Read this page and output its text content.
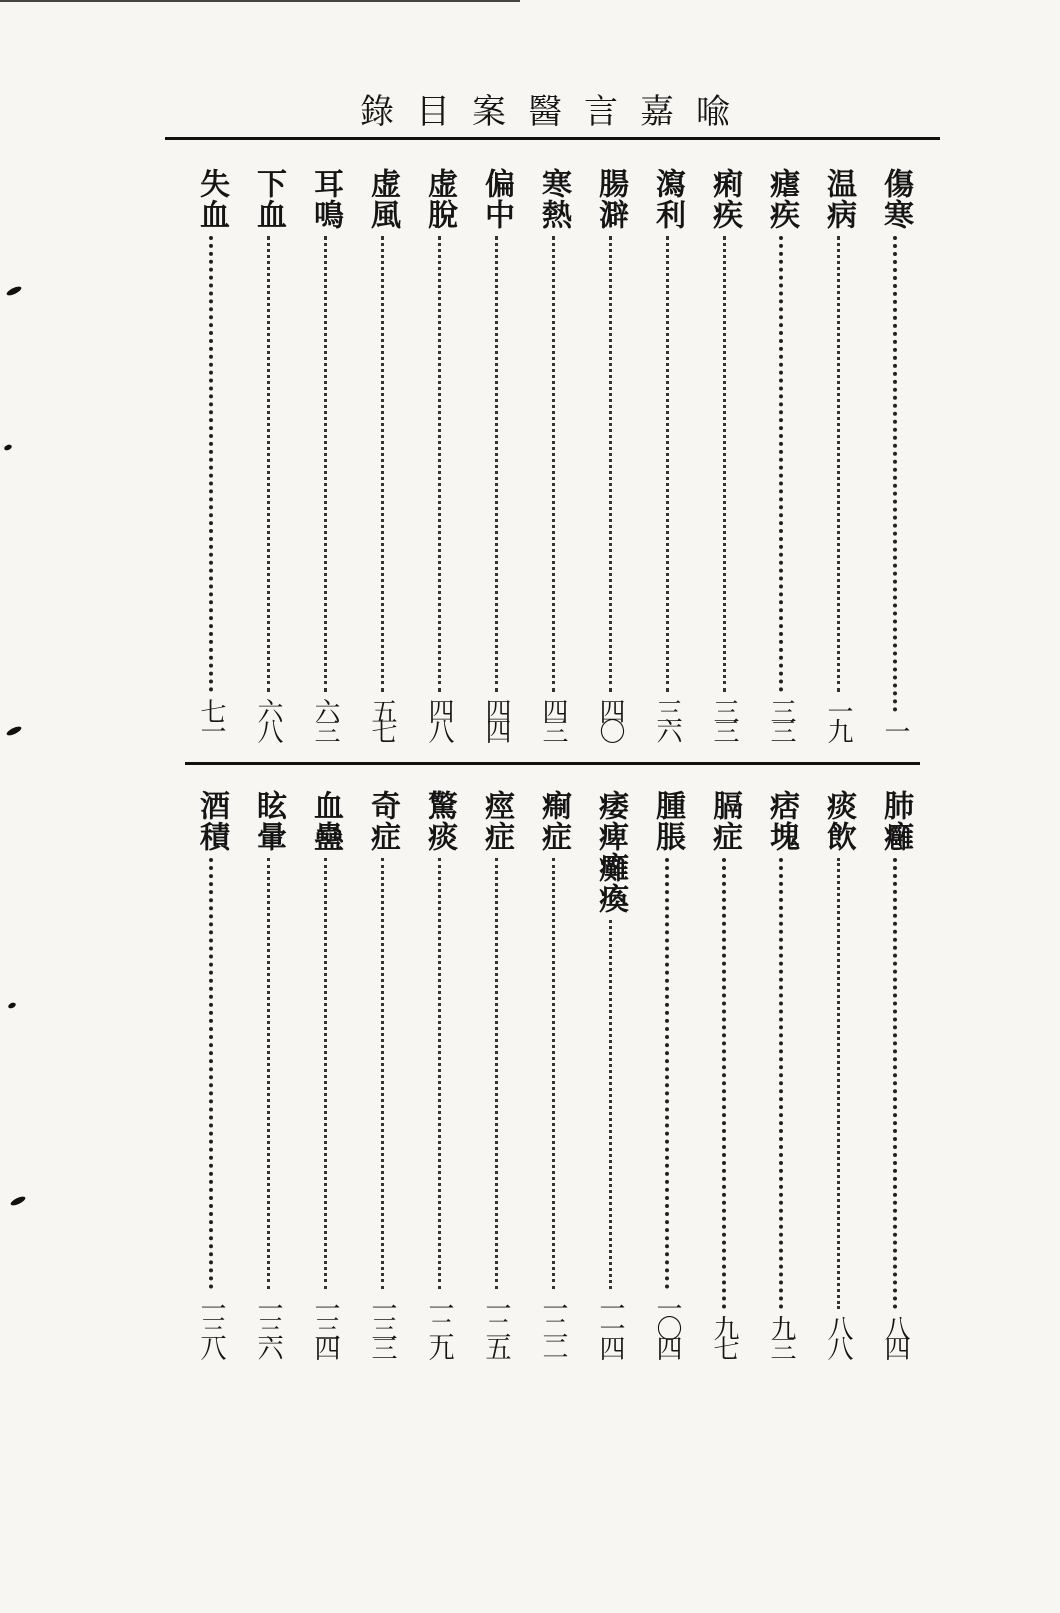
錄 目 案 醫 言 嘉 喩
傷寒
一
温病
一九
瘧疾
三三
痢疾
三三
瀉利
三六
腸澼
四〇
寒熱
四三
偏中
四四
虚脫
四八
虚風
五七
耳鳴
六三
下血
六八
失血
七一
肺癰
八四
痰飲
八八
痞塊
九三
膈症
九七
腫脹
一〇四
痿痺癱瘓
一一四
痸症
一二二
痙症
一二五
驚痰
一二九
奇症
一三三
血蠱
一三四
眩暈
一三六
酒積
一三八
